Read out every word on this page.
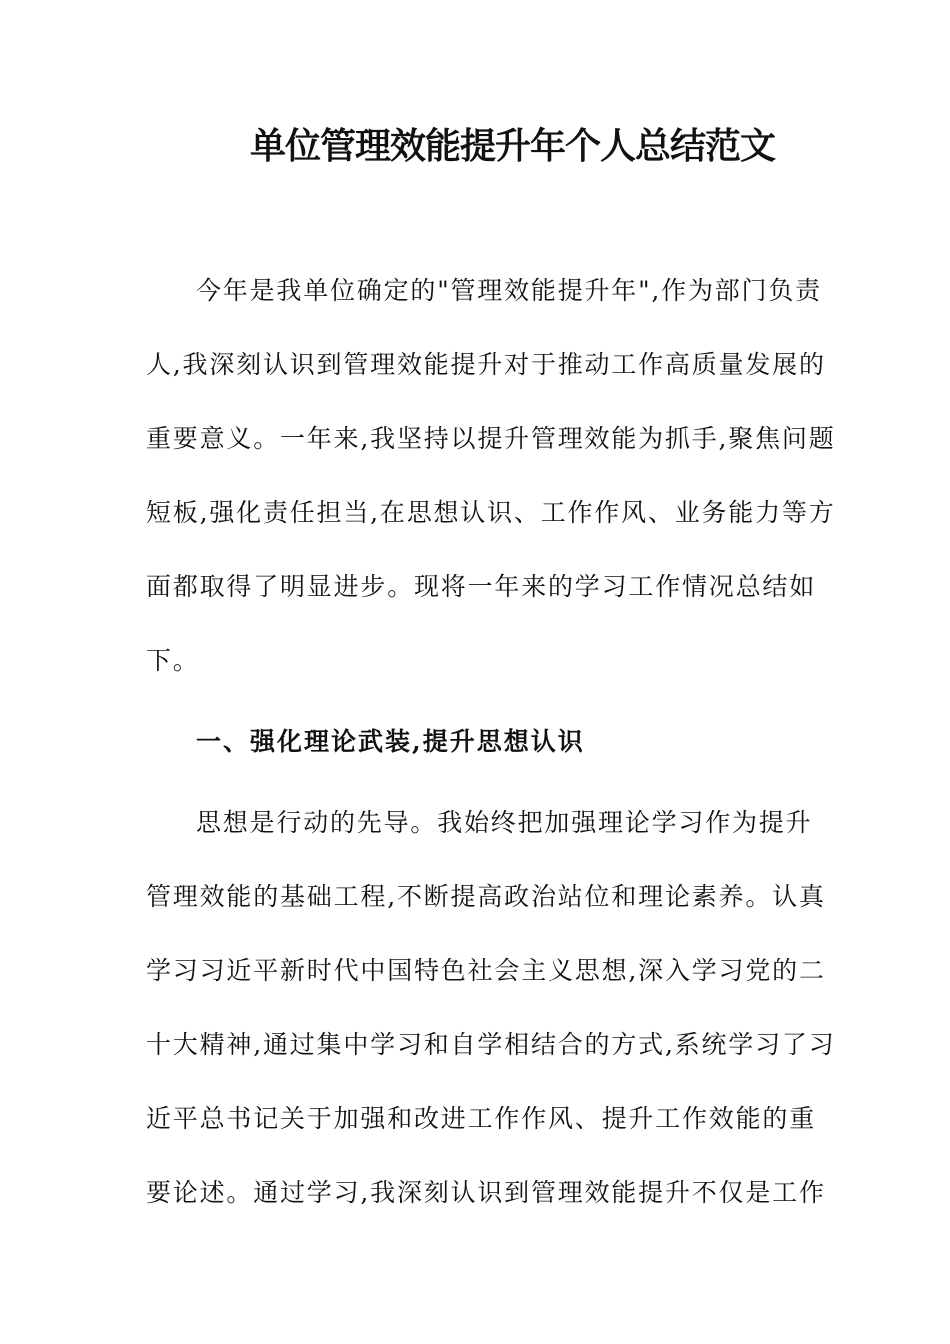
单位管理效能提升年个人总结范文
今年是我单位确定的"管理效能提升年",作为部门负责
人,我深刻认识到管理效能提升对于推动工作高质量发展的
重要意义。一年来,我坚持以提升管理效能为抓手,聚焦问题
短板,强化责任担当,在思想认识、工作作风、业务能力等方
面都取得了明显进步。现将一年来的学习工作情况总结如
下。
一、强化理论武装,提升思想认识
思想是行动的先导。我始终把加强理论学习作为提升
管理效能的基础工程,不断提高政治站位和理论素养。认真
学习习近平新时代中国特色社会主义思想,深入学习党的二
十大精神,通过集中学习和自学相结合的方式,系统学习了习
近平总书记关于加强和改进工作作风、提升工作效能的重
要论述。通过学习,我深刻认识到管理效能提升不仅是工作
